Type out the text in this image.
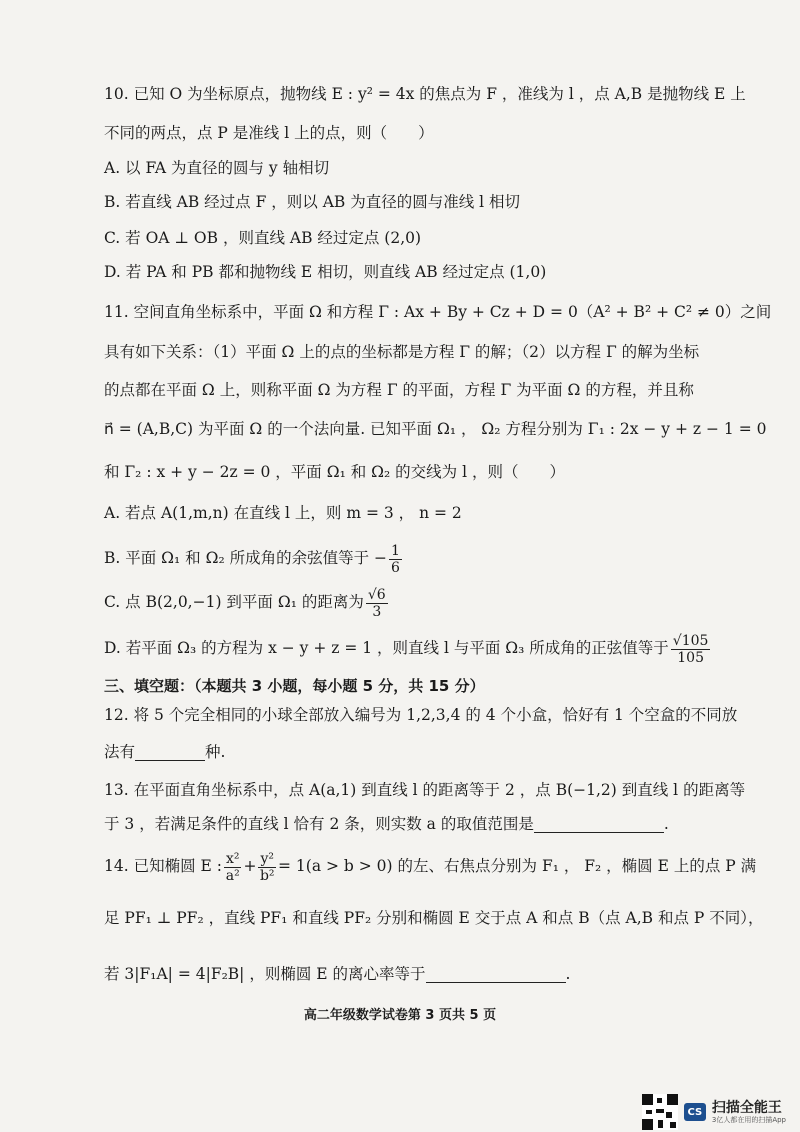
10. 已知 O 为坐标原点，抛物线 E : y² = 4x 的焦点为 F ，准线为 l ，点 A,B 是抛物线 E 上
不同的两点，点 P 是准线 l 上的点，则（　　）
A. 以 FA 为直径的圆与 y 轴相切
B. 若直线 AB 经过点 F ，则以 AB 为直径的圆与准线 l 相切
C. 若 OA ⊥ OB ，则直线 AB 经过定点 (2,0)
D. 若 PA 和 PB 都和抛物线 E 相切，则直线 AB 经过定点 (1,0)
11. 空间直角坐标系中，平面 Ω 和方程 Γ : Ax + By + Cz + D = 0（A² + B² + C² ≠ 0）之间
具有如下关系：（1）平面 Ω 上的点的坐标都是方程 Γ 的解；（2）以方程 Γ 的解为坐标
的点都在平面 Ω 上，则称平面 Ω 为方程 Γ 的平面，方程 Γ 为平面 Ω 的方程，并且称
n⃗ = (A,B,C) 为平面 Ω 的一个法向量. 已知平面 Ω₁ ， Ω₂ 方程分别为 Γ₁ : 2x − y + z − 1 = 0
和 Γ₂ : x + y − 2z = 0 ，平面 Ω₁ 和 Ω₂ 的交线为 l ，则（　　）
A. 若点 A(1,m,n) 在直线 l 上，则 m = 3 ， n = 2
B. 平面 Ω₁ 和 Ω₂ 所成角的余弦值等于 − $\frac{1}{6}$
C. 点 B(2,0,−1) 到平面 Ω₁ 的距离为 $\frac{√6}{3}$
D. 若平面 Ω₃ 的方程为 x − y + z = 1 ，则直线 l 与平面 Ω₃ 所成角的正弦值等于 $\frac{√105}{105}$
三、填空题：（本题共 3 小题，每小题 5 分，共 15 分）
12. 将 5 个完全相同的小球全部放入编号为 1,2,3,4 的 4 个小盒，恰好有 1 个空盒的不同放
法有	种.
13. 在平面直角坐标系中，点 A(a,1) 到直线 l 的距离等于 2 ，点 B(−1,2) 到直线 l 的距离等
于 3 ，若满足条件的直线 l 恰有 2 条，则实数 a 的取值范围是	.
14. 已知椭圆 E : $\frac{\text{x²}}{\text{a²}} + \frac{\text{y²}}{\text{b²}} = 1(a > b > 0)$ 的左、右焦点分别为 F₁ ， F₂ ，椭圆 E 上的点 P 满
足 PF₁ ⊥ PF₂ ，直线 PF₁ 和直线 PF₂ 分别和椭圆 E 交于点 A 和点 B（点 A,B 和点 P 不同），
若 3|F₁A| = 4|F₂B| ，则椭圆 E 的离心率等于	.
高二年级数学试卷第 3 页共 5 页
CS 扫描全能王
3亿人都在用的扫描App
